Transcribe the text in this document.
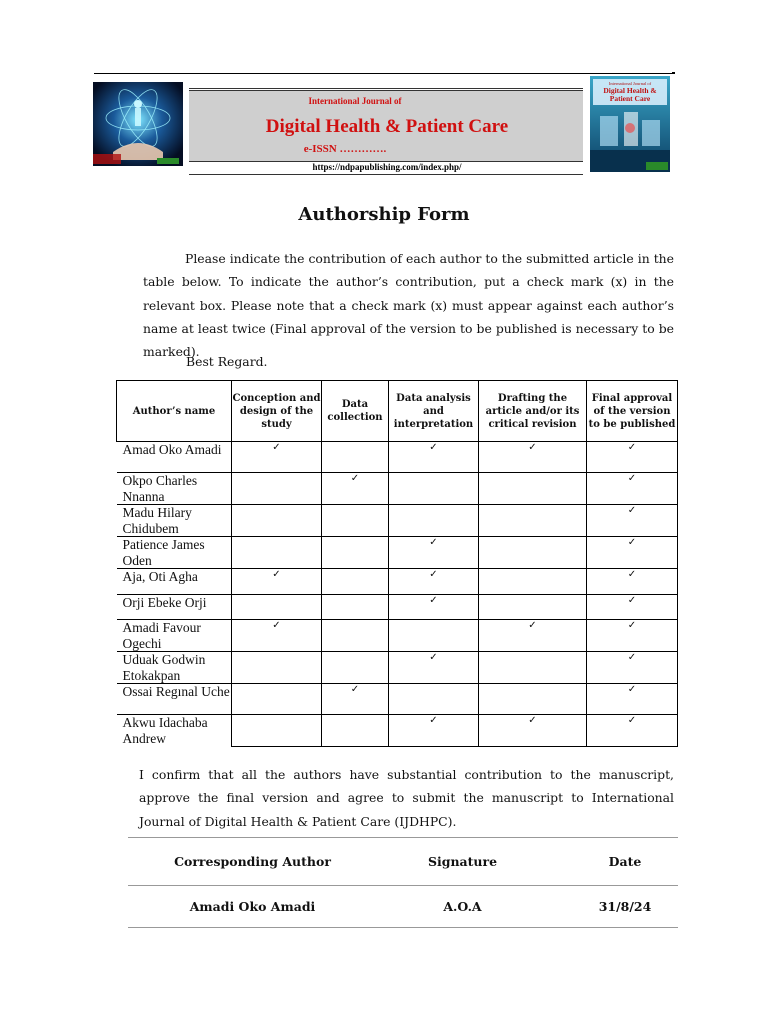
International Journal of
Digital Health & Patient Care
e-ISSN ………….
https://ndpapublishing.com/index.php/
International Journal of
Digital Health &
Patient Care
Authorship Form
Please indicate the contribution of each author to the submitted article in the table below. To indicate the author’s contribution, put a check mark (x) in the relevant box. Please note that a check mark (x) must appear against each author’s name at least twice (Final approval of the version to be published is necessary to be marked).
Best Regard.
Author’s name	Conception and design of the study	Data collection	Data analysis and interpretation	Drafting the article and/or its critical revision	Final approval of the version to be published
Amad Oko Amadi	✓		✓	✓	✓
Okpo Charles Nnanna		✓			✓
Madu Hilary Chidubem					✓
Patience James Oden			✓		✓
Aja, Oti Agha	✓		✓		✓
Orji Ebeke Orji			✓		✓
Amadi Favour Ogechi	✓			✓	✓
Uduak Godwin Etokakpan			✓		✓
Ossai Regınal Uche		✓			✓
Akwu Idachaba Andrew			✓	✓	✓
I confirm that all the authors have substantial contribution to the manuscript, approve the final version and agree to submit the manuscript to International Journal of Digital Health & Patient Care (IJDHPC).
Corresponding Author	Signature	Date
Amadi Oko Amadi	A.O.A	31/8/24
